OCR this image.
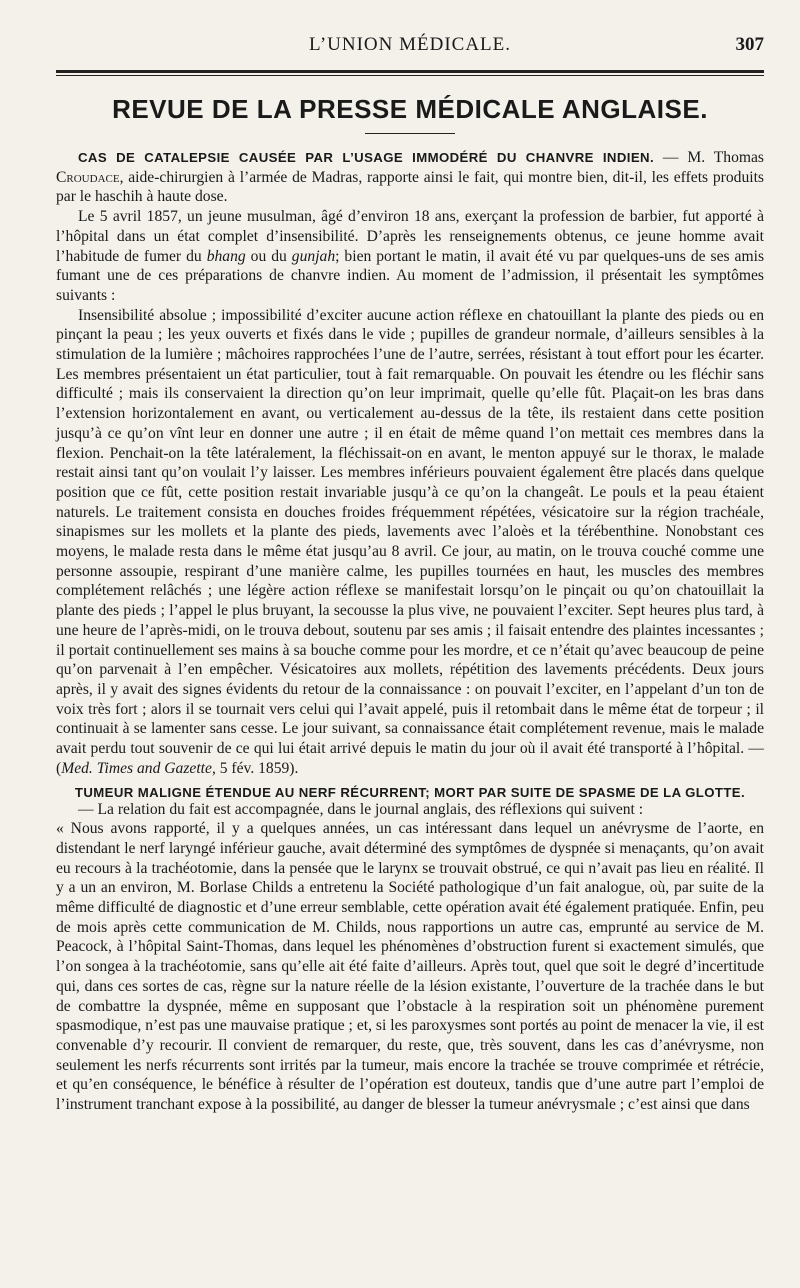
L’UNION MÉDICALE.	307
REVUE DE LA PRESSE MÉDICALE ANGLAISE.

CAS DE CATALEPSIE CAUSÉE PAR L’USAGE IMMODÉRÉ DU CHANVRE INDIEN. — M. Thomas Croudace, aide-chirurgien à l’armée de Madras, rapporte ainsi le fait, qui montre bien, dit-il, les effets produits par le haschih à haute dose.

Le 5 avril 1857, un jeune musulman, âgé d’environ 18 ans, exerçant la profession de barbier, fut apporté à l’hôpital dans un état complet d’insensibilité. D’après les renseignements obtenus, ce jeune homme avait l’habitude de fumer du bhang ou du gunjah; bien portant le matin, il avait été vu par quelques-uns de ses amis fumant une de ces préparations de chanvre indien. Au moment de l’admission, il présentait les symptômes suivants :

Insensibilité absolue ; impossibilité d’exciter aucune action réflexe en chatouillant la plante des pieds ou en pinçant la peau ; les yeux ouverts et fixés dans le vide ; pupilles de grandeur normale, d’ailleurs sensibles à la stimulation de la lumière ; mâchoires rapprochées l’une de l’autre, serrées, résistant à tout effort pour les écarter. Les membres présentaient un état particulier, tout à fait remarquable. On pouvait les étendre ou les fléchir sans difficulté ; mais ils conservaient la direction qu’on leur imprimait, quelle qu’elle fût. Plaçait-on les bras dans l’extension horizontalement en avant, ou verticalement au-dessus de la tête, ils restaient dans cette position jusqu’à ce qu’on vînt leur en donner une autre ; il en était de même quand l’on mettait ces membres dans la flexion. Penchait-on la tête latéralement, la fléchissait-on en avant, le menton appuyé sur le thorax, le malade restait ainsi tant qu’on voulait l’y laisser. Les membres inférieurs pouvaient également être placés dans quelque position que ce fût, cette position restait invariable jusqu’à ce qu’on la changeât. Le pouls et la peau étaient naturels. Le traitement consista en douches froides fréquemment répétées, vésicatoire sur la région trachéale, sinapismes sur les mollets et la plante des pieds, lavements avec l’aloès et la térébenthine. Nonobstant ces moyens, le malade resta dans le même état jusqu’au 8 avril. Ce jour, au matin, on le trouva couché comme une personne assoupie, respirant d’une manière calme, les pupilles tournées en haut, les muscles des membres complétement relâchés ; une légère action réflexe se manifestait lorsqu’on le pinçait ou qu’on chatouillait la plante des pieds ; l’appel le plus bruyant, la secousse la plus vive, ne pouvaient l’exciter. Sept heures plus tard, à une heure de l’après-midi, on le trouva debout, soutenu par ses amis ; il faisait entendre des plaintes incessantes ; il portait continuellement ses mains à sa bouche comme pour les mordre, et ce n’était qu’avec beaucoup de peine qu’on parvenait à l’en empêcher. Vésicatoires aux mollets, répétition des lavements précédents. Deux jours après, il y avait des signes évidents du retour de la connaissance : on pouvait l’exciter, en l’appelant d’un ton de voix très fort ; alors il se tournait vers celui qui l’avait appelé, puis il retombait dans le même état de torpeur ; il continuait à se lamenter sans cesse. Le jour suivant, sa connaissance était complétement revenue, mais le malade avait perdu tout souvenir de ce qui lui était arrivé depuis le matin du jour où il avait été transporté à l’hôpital. — (Med. Times and Gazette, 5 fév. 1859).

TUMEUR MALIGNE ÉTENDUE AU NERF RÉCURRENT; MORT PAR SUITE DE SPASME DE LA GLOTTE.

— La relation du fait est accompagnée, dans le journal anglais, des réflexions qui suivent :

« Nous avons rapporté, il y a quelques années, un cas intéressant dans lequel un anévrysme de l’aorte, en distendant le nerf laryngé inférieur gauche, avait déterminé des symptômes de dyspnée si menaçants, qu’on avait eu recours à la trachéotomie, dans la pensée que le larynx se trouvait obstrué, ce qui n’avait pas lieu en réalité. Il y a un an environ, M. Borlase Childs a entretenu la Société pathologique d’un fait analogue, où, par suite de la même difficulté de diagnostic et d’une erreur semblable, cette opération avait été également pratiquée. Enfin, peu de mois après cette communication de M. Childs, nous rapportions un autre cas, emprunté au service de M. Peacock, à l’hôpital Saint-Thomas, dans lequel les phénomènes d’obstruction furent si exactement simulés, que l’on songea à la trachéotomie, sans qu’elle ait été faite d’ailleurs. Après tout, quel que soit le degré d’incertitude qui, dans ces sortes de cas, règne sur la nature réelle de la lésion existante, l’ouverture de la trachée dans le but de combattre la dyspnée, même en supposant que l’obstacle à la respiration soit un phénomène purement spasmodique, n’est pas une mauvaise pratique ; et, si les paroxysmes sont portés au point de menacer la vie, il est convenable d’y recourir. Il convient de remarquer, du reste, que, très souvent, dans les cas d’anévrysme, non seulement les nerfs récurrents sont irrités par la tumeur, mais encore la trachée se trouve comprimée et rétrécie, et qu’en conséquence, le bénéfice à résulter de l’opération est douteux, tandis que d’une autre part l’emploi de l’instrument tranchant expose à la possibilité, au danger de blesser la tumeur anévrysmale ; c’est ainsi que dans
